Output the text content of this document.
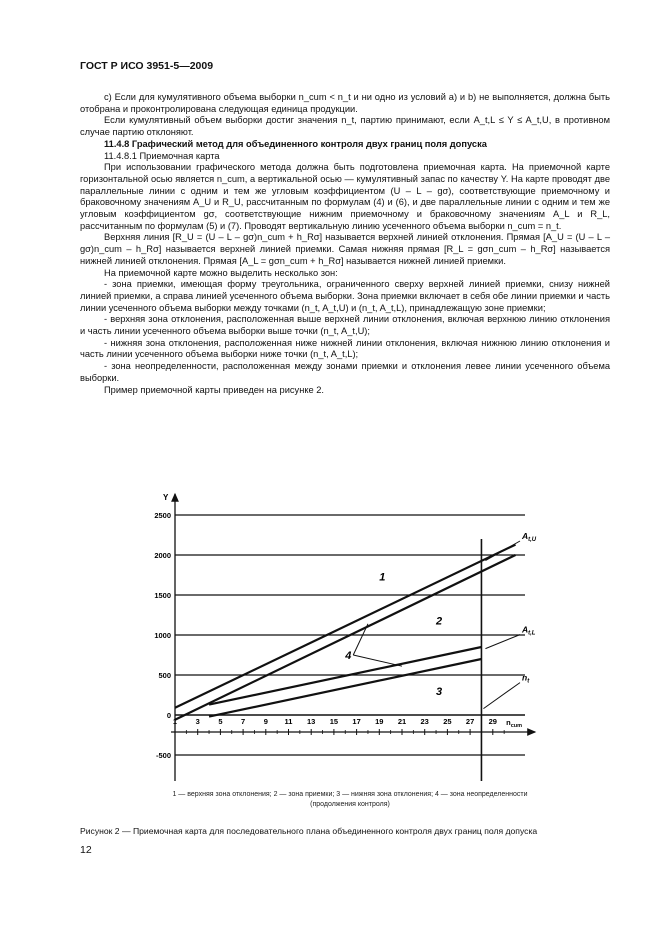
ГОСТ Р ИСО 3951-5—2009

с) Если для кумулятивного объема выборки n_cum < n_t и ни одно из условий а) и b) не выполняется, должна быть отобрана и проконтролирована следующая единица продукции.

Если кумулятивный объем выборки достиг значения n_t, партию принимают, если A_t,L ≤ Y ≤ A_t,U, в противном случае партию отклоняют.

11.4.8 Графический метод для объединенного контроля двух границ поля допуска

11.4.8.1 Приемочная карта

При использовании графического метода должна быть подготовлена приемочная карта. На приемочной карте горизонтальной осью является n_cum, а вертикальной осью — кумулятивный запас по качеству Y. На карте проводят две параллельные линии с одним и тем же угловым коэффициентом (U – L – gσ), соответствующие приемочному и браковочному значениям A_U и R_U, рассчитанным по формулам (4) и (6), и две параллельные линии с одним и тем же угловым коэффициентом gσ, соответствующие нижним приемочному и браковочному значениям A_L и R_L, рассчитанным по формулам (5) и (7). Проводят вертикальную линию усеченного объема выборки n_cum = n_t.

Верхняя линия [R_U = (U – L – gσ)n_cum + h_Rσ] называется верхней линией отклонения. Прямая [A_U = (U – L – gσ)n_cum – h_Rσ] называется верхней линией приемки. Самая нижняя прямая [R_L = gσn_cum – h_Rσ] называется нижней линией отклонения. Прямая [A_L = gσn_cum + h_Rσ] называется нижней линией приемки.

На приемочной карте можно выделить несколько зон:

- зона приемки, имеющая форму треугольника, ограниченного сверху верхней линией приемки, снизу нижней линией приемки, а справа линией усеченного объема выборки. Зона приемки включает в себя обе линии приемки и часть линии усеченного объема выборки между точками (n_t, A_t,U) и (n_t, A_t,L), принадлежащую зоне приемки;

- верхняя зона отклонения, расположенная выше верхней линии отклонения, включая верхнюю линию отклонения и часть линии усеченного объема выборки выше точки (n_t, A_t,U);

- нижняя зона отклонения, расположенная ниже нижней линии отклонения, включая нижнюю линию отклонения и часть линии усеченного объема выборки ниже точки (n_t, A_t,L);

- зона неопределенности, расположенная между зонами приемки и отклонения левее линии усеченного объема выборки.

Пример приемочной карты приведен на рисунке 2.

2500
2000
1500
1000
500
0
-500
Y
1 3 5 7 9 11 13 15 17 19 21 23 25 27 29 $n_{cum}$
$A_{t,U}$
$A_{t,L}$
$n_t$
1
2
3
4
1 — верхняя зона отклонения; 2 — зона приемки; 3 — нижняя зона отклонения; 4 — зона неопределенности
(продолжения контроля)
Рисунок 2 — Приемочная карта для последовательного плана объединенного контроля двух границ поля допуска
12
